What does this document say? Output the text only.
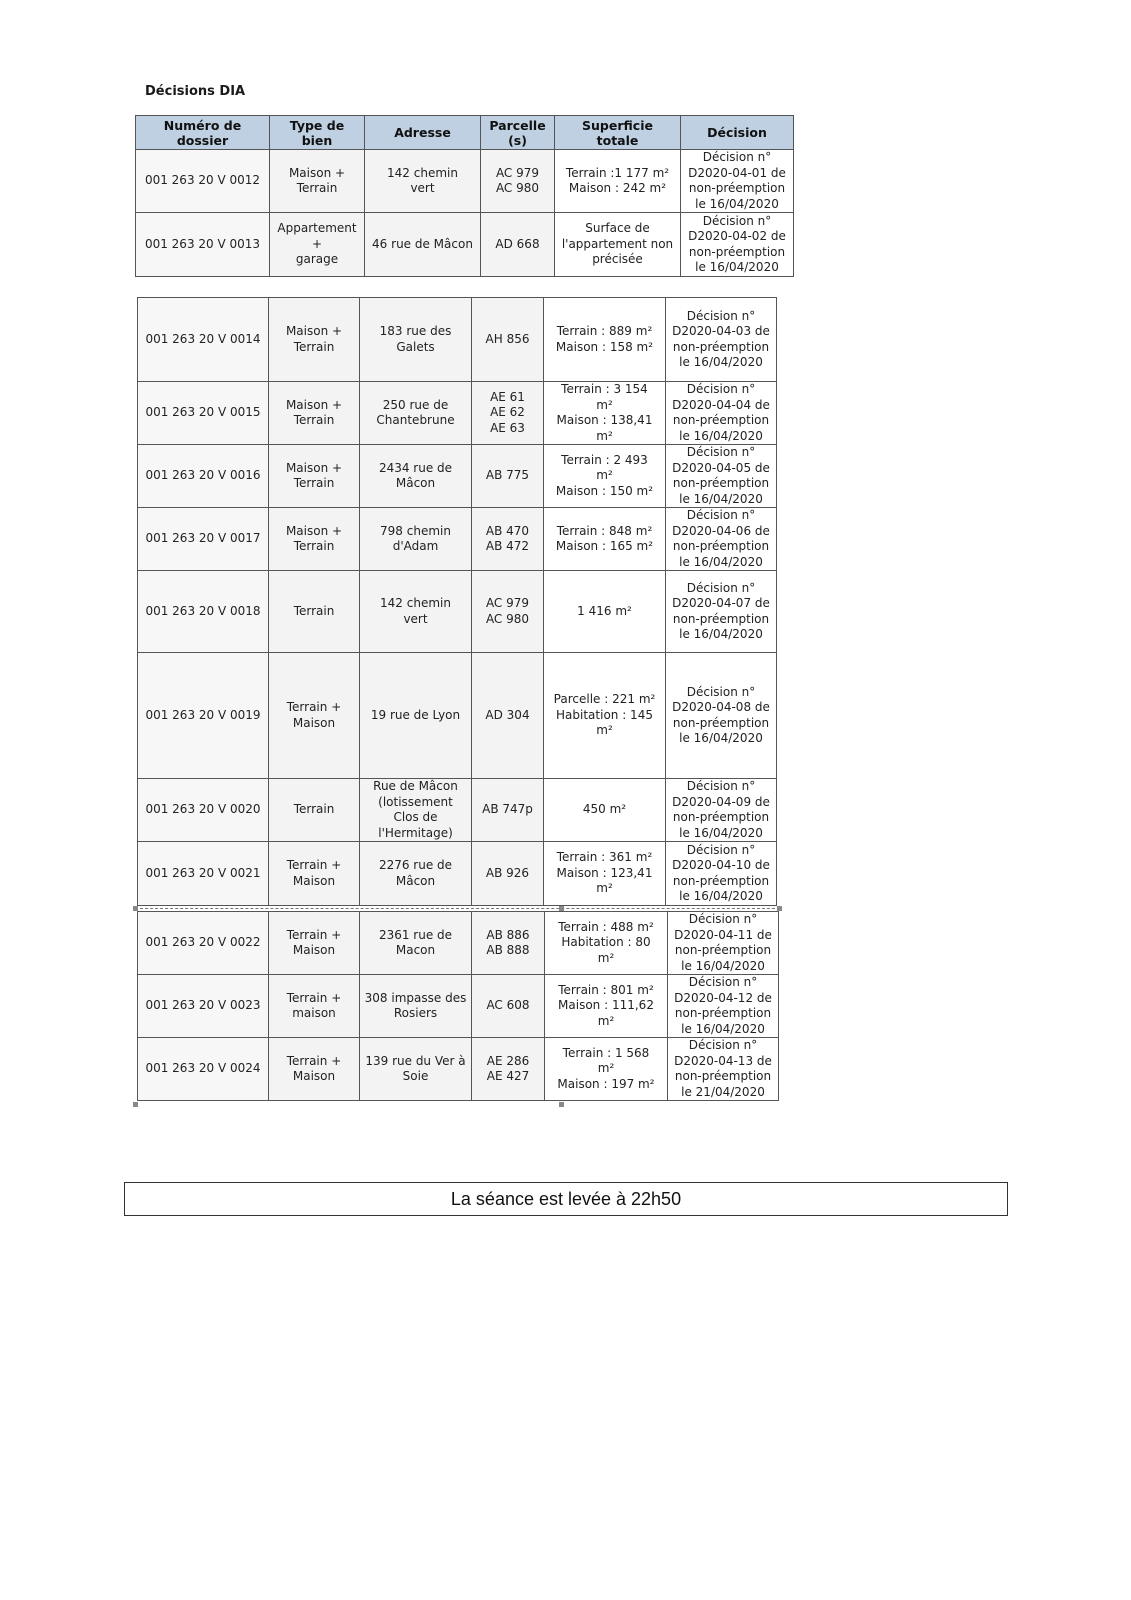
Décisions DIA
Numéro de
dossier	Type de
bien	Adresse	Parcelle
(s)	Superficie
totale	Décision
001 263 20 V 0012	Maison +
Terrain	142 chemin
vert	AC 979
AC 980	Terrain :1 177 m²
Maison : 242 m²	Décision n°
D2020-04-01 de
non-préemption
le 16/04/2020
001 263 20 V 0013	Appartement
+
garage	46 rue de Mâcon	AD 668	Surface de
l'appartement non
précisée	Décision n°
D2020-04-02 de
non-préemption
le 16/04/2020
001 263 20 V 0014	Maison +
Terrain	183 rue des
Galets	AH 856	Terrain : 889 m²
Maison : 158 m²	Décision n°
D2020-04-03 de
non-préemption
le 16/04/2020
001 263 20 V 0015	Maison +
Terrain	250 rue de
Chantebrune	AE 61
AE 62
AE 63	Terrain : 3 154
m²
Maison : 138,41
m²	Décision n°
D2020-04-04 de
non-préemption
le 16/04/2020
001 263 20 V 0016	Maison +
Terrain	2434 rue de
Mâcon	AB 775	Terrain : 2 493
m²
Maison : 150 m²	Décision n°
D2020-04-05 de
non-préemption
le 16/04/2020
001 263 20 V 0017	Maison +
Terrain	798 chemin
d'Adam	AB 470
AB 472	Terrain : 848 m²
Maison : 165 m²	Décision n°
D2020-04-06 de
non-préemption
le 16/04/2020
001 263 20 V 0018	Terrain	142 chemin
vert	AC 979
AC 980	1 416 m²	Décision n°
D2020-04-07 de
non-préemption
le 16/04/2020
001 263 20 V 0019	Terrain +
Maison	19 rue de Lyon	AD 304	Parcelle : 221 m²
Habitation : 145
m²	Décision n°
D2020-04-08 de
non-préemption
le 16/04/2020
001 263 20 V 0020	Terrain	Rue de Mâcon
(lotissement
Clos de
l'Hermitage)	AB 747p	450 m²	Décision n°
D2020-04-09 de
non-préemption
le 16/04/2020
001 263 20 V 0021	Terrain +
Maison	2276 rue de
Mâcon	AB 926	Terrain : 361 m²
Maison : 123,41
m²	Décision n°
D2020-04-10 de
non-préemption
le 16/04/2020
001 263 20 V 0022	Terrain +
Maison	2361 rue de
Macon	AB 886
AB 888	Terrain : 488 m²
Habitation : 80
m²	Décision n°
D2020-04-11 de
non-préemption
le 16/04/2020
001 263 20 V 0023	Terrain +
maison	308 impasse des
Rosiers	AC 608	Terrain : 801 m²
Maison : 111,62
m²	Décision n°
D2020-04-12 de
non-préemption
le 16/04/2020
001 263 20 V 0024	Terrain +
Maison	139 rue du Ver à
Soie	AE 286
AE 427	Terrain : 1 568
m²
Maison : 197 m²	Décision n°
D2020-04-13 de
non-préemption
le 21/04/2020
La séance est levée à 22h50
